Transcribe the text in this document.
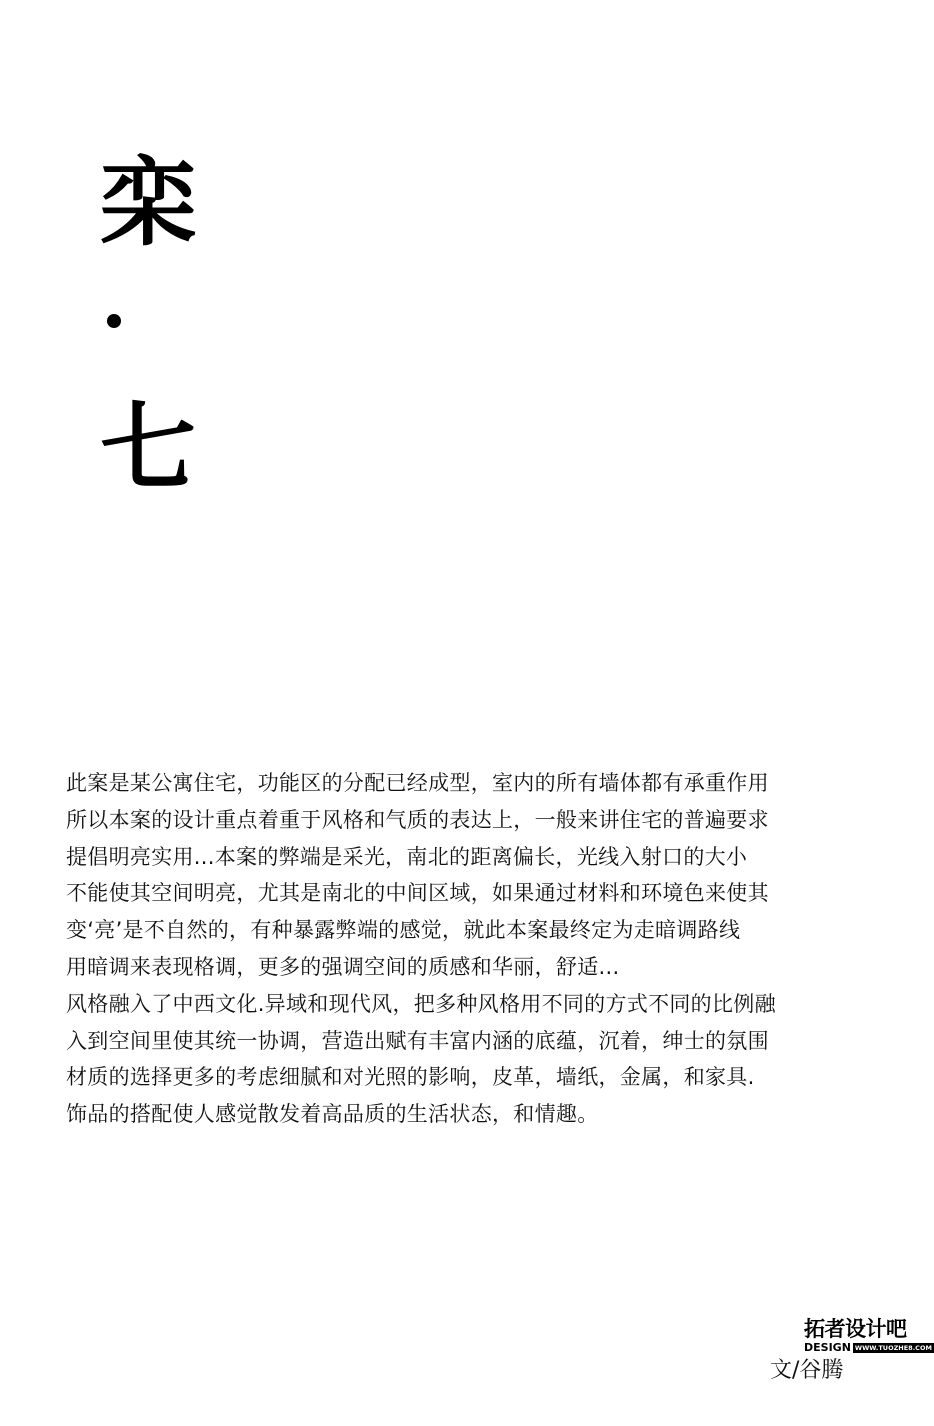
栾
七
此案是某公寓住宅，功能区的分配已经成型，室内的所有墙体都有承重作用
所以本案的设计重点着重于风格和气质的表达上，一般来讲住宅的普遍要求
提倡明亮实用...本案的弊端是采光，南北的距离偏长，光线入射口的大小
不能使其空间明亮，尤其是南北的中间区域，如果通过材料和环境色来使其
变‘亮’是不自然的，有种暴露弊端的感觉，就此本案最终定为走暗调路线
用暗调来表现格调，更多的强调空间的质感和华丽，舒适...
风格融入了中西文化.异域和现代风，把多种风格用不同的方式不同的比例融
入到空间里使其统一协调，营造出赋有丰富内涵的底蕴，沉着，绅士的氛围
材质的选择更多的考虑细腻和对光照的影响，皮革，墙纸，金属，和家具.
饰品的搭配使人感觉散发着高品质的生活状态，和情趣。
拓者设计吧
DESIGN WWW.TUOZHE8.COM
文/谷腾
